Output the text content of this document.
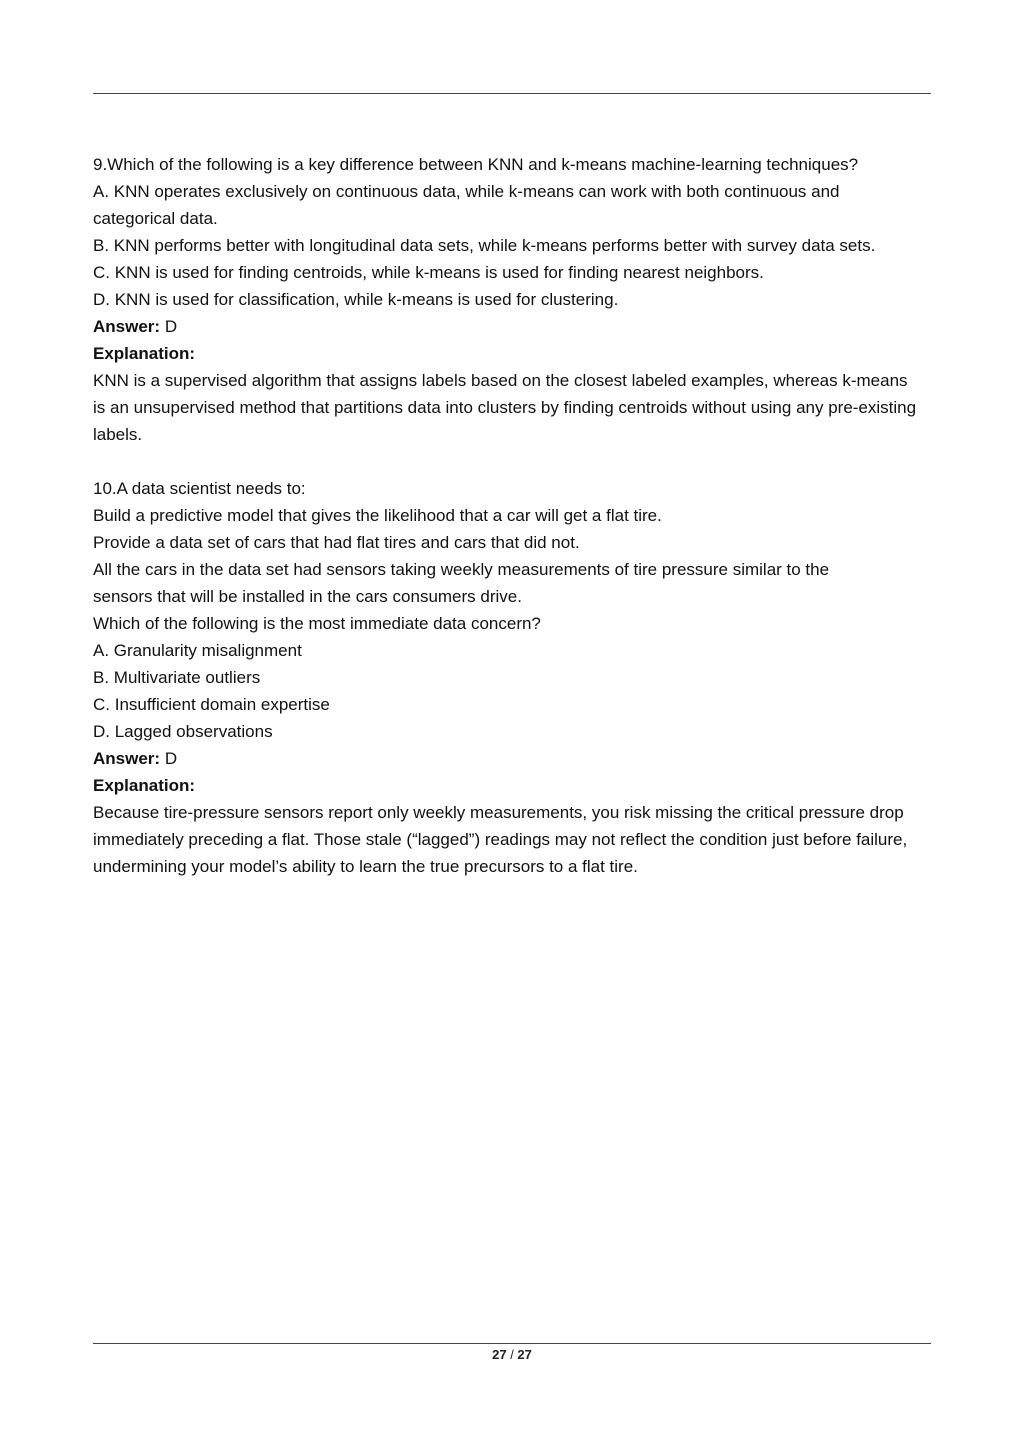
9.Which of the following is a key difference between KNN and k-means machine-learning techniques?

A. KNN operates exclusively on continuous data, while k-means can work with both continuous and categorical data.

B. KNN performs better with longitudinal data sets, while k-means performs better with survey data sets.

C. KNN is used for finding centroids, while k-means is used for finding nearest neighbors.

D. KNN is used for classification, while k-means is used for clustering.

Answer: D

Explanation:

KNN is a supervised algorithm that assigns labels based on the closest labeled examples, whereas k-means is an unsupervised method that partitions data into clusters by finding centroids without using any pre-existing labels.

10.A data scientist needs to:

Build a predictive model that gives the likelihood that a car will get a flat tire.

Provide a data set of cars that had flat tires and cars that did not.

All the cars in the data set had sensors taking weekly measurements of tire pressure similar to the sensors that will be installed in the cars consumers drive.

Which of the following is the most immediate data concern?

A. Granularity misalignment

B. Multivariate outliers

C. Insufficient domain expertise

D. Lagged observations

Answer: D

Explanation:

Because tire-pressure sensors report only weekly measurements, you risk missing the critical pressure drop immediately preceding a flat. Those stale (“lagged”) readings may not reflect the condition just before failure, undermining your model’s ability to learn the true precursors to a flat tire.

27 / 27
